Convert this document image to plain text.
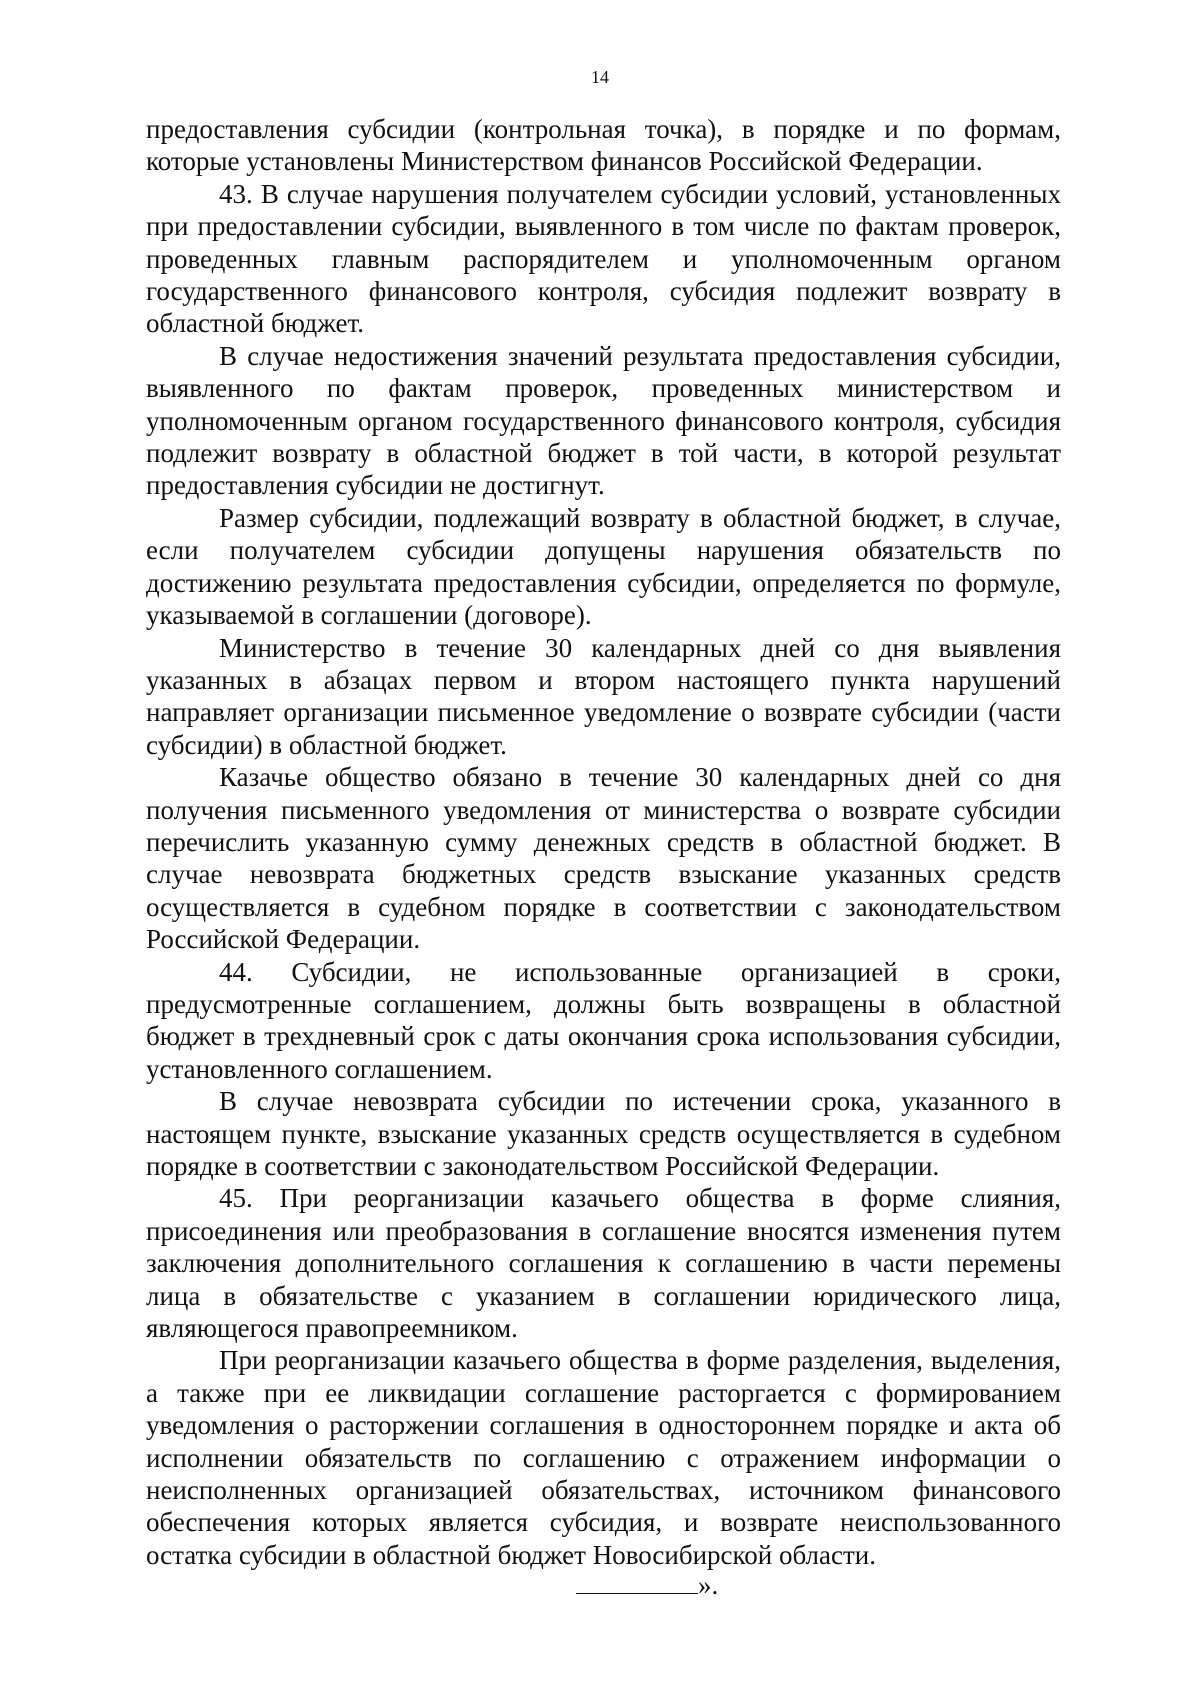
14

предоставления субсидии (контрольная точка), в порядке и по формам, которые установлены Министерством финансов Российской Федерации.

43. В случае нарушения получателем субсидии условий, установленных при предоставлении субсидии, выявленного в том числе по фактам проверок, проведенных главным распорядителем и уполномоченным органом государственного финансового контроля, субсидия подлежит возврату в областной бюджет.

В случае недостижения значений результата предоставления субсидии, выявленного по фактам проверок, проведенных министерством и уполномоченным органом государственного финансового контроля, субсидия подлежит возврату в областной бюджет в той части, в которой результат предоставления субсидии не достигнут.

Размер субсидии, подлежащий возврату в областной бюджет, в случае, если получателем субсидии допущены нарушения обязательств по достижению результата предоставления субсидии, определяется по формуле, указываемой в соглашении (договоре).

Министерство в течение 30 календарных дней со дня выявления указанных в абзацах первом и втором настоящего пункта нарушений направляет организации письменное уведомление о возврате субсидии (части субсидии) в областной бюджет.

Казачье общество обязано в течение 30 календарных дней со дня получения письменного уведомления от министерства о возврате субсидии перечислить указанную сумму денежных средств в областной бюджет. В случае невозврата бюджетных средств взыскание указанных средств осуществляется в судебном порядке в соответствии с законодательством Российской Федерации.

44. Субсидии, не использованные организацией в сроки, предусмотренные соглашением, должны быть возвращены в областной бюджет в трехдневный срок с даты окончания срока использования субсидии, установленного соглашением.

В случае невозврата субсидии по истечении срока, указанного в настоящем пункте, взыскание указанных средств осуществляется в судебном порядке в соответствии с законодательством Российской Федерации.

45. При реорганизации казачьего общества в форме слияния, присоединения или преобразования в соглашение вносятся изменения путем заключения дополнительного соглашения к соглашению в части перемены лица в обязательстве с указанием в соглашении юридического лица, являющегося правопреемником.

При реорганизации казачьего общества в форме разделения, выделения, а также при ее ликвидации соглашение расторгается с формированием уведомления о расторжении соглашения в одностороннем порядке и акта об исполнении обязательств по соглашению с отражением информации о неисполненных организацией обязательствах, источником финансового обеспечения которых является субсидия, и возврате неиспользованного остатка субсидии в областной бюджет Новосибирской области.

».
